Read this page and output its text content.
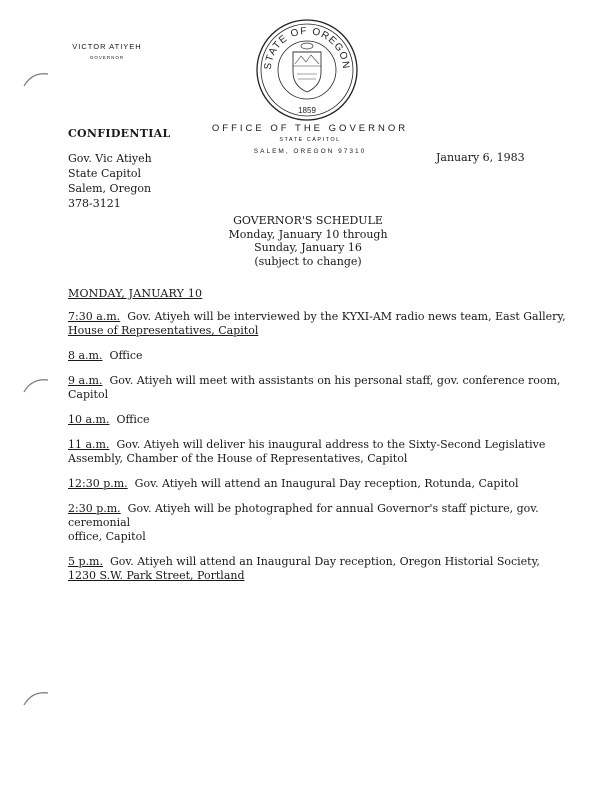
VICTOR ATIYEH
GOVERNOR
STATE OF OREGON
1859
OFFICE OF THE GOVERNOR
STATE CAPITOL
SALEM, OREGON 97310
CONFIDENTIAL
Gov. Vic Atiyeh
State Capitol
Salem, Oregon
378-3121
January 6, 1983
GOVERNOR'S SCHEDULE
Monday, January 10 through
Sunday, January 16
(subject to change)
MONDAY, JANUARY 10
7:30 a.m. Gov. Atiyeh will be interviewed by the KYXI-AM radio news team, East Gallery,
House of Representatives, Capitol
8 a.m. Office
9 a.m. Gov. Atiyeh will meet with assistants on his personal staff, gov. conference room,
Capitol
10 a.m. Office
11 a.m. Gov. Atiyeh will deliver his inaugural address to the Sixty-Second Legislative
Assembly, Chamber of the House of Representatives, Capitol
12:30 p.m. Gov. Atiyeh will attend an Inaugural Day reception, Rotunda, Capitol
2:30 p.m. Gov. Atiyeh will be photographed for annual Governor's staff picture, gov. ceremonial
office, Capitol
5 p.m. Gov. Atiyeh will attend an Inaugural Day reception, Oregon Historial Society,
1230 S.W. Park Street, Portland
